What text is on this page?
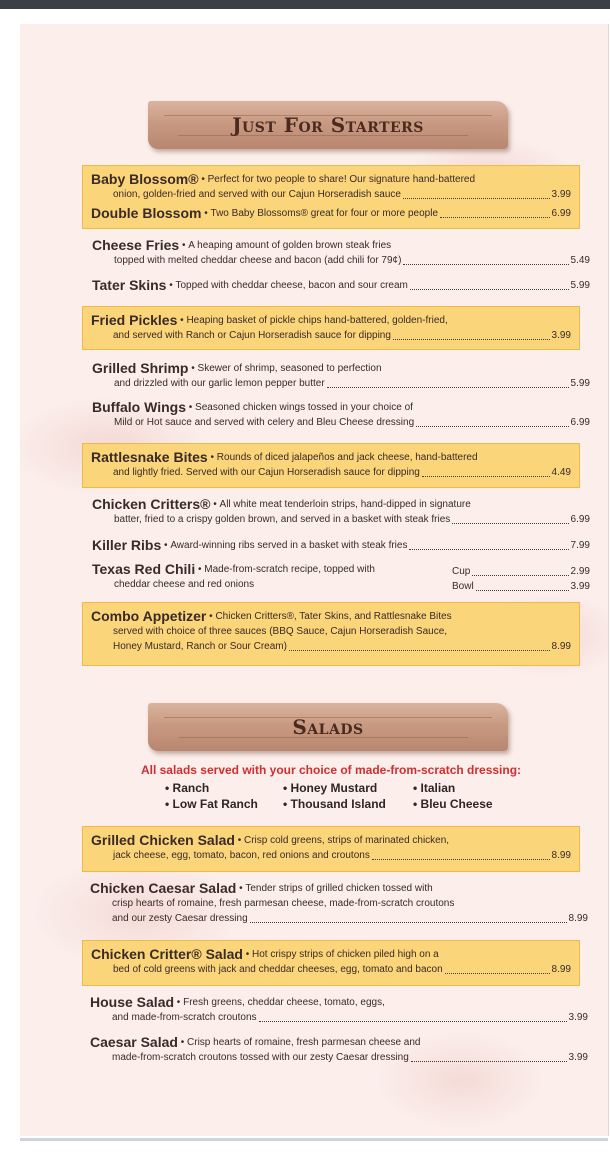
Just For Starters
Baby Blossom® • Perfect for two people to share! Our signature hand-battered
onion, golden-fried and served with our Cajun Horseradish sauce	3.99
Double Blossom • Two Baby Blossoms® great for four or more people	6.99
Cheese Fries • A heaping amount of golden brown steak fries
topped with melted cheddar cheese and bacon (add chili for 79¢)	5.49
Tater Skins • Topped with cheddar cheese, bacon and sour cream	5.99
Fried Pickles • Heaping basket of pickle chips hand-battered, golden-fried,
and served with Ranch or Cajun Horseradish sauce for dipping	3.99
Grilled Shrimp • Skewer of shrimp, seasoned to perfection
and drizzled with our garlic lemon pepper butter	5.99
Buffalo Wings • Seasoned chicken wings tossed in your choice of
Mild or Hot sauce and served with celery and Bleu Cheese dressing	6.99
Rattlesnake Bites • Rounds of diced jalapeños and jack cheese, hand-battered
and lightly fried. Served with our Cajun Horseradish sauce for dipping	4.49
Chicken Critters® • All white meat tenderloin strips, hand-dipped in signature
batter, fried to a crispy golden brown, and served in a basket with steak fries	6.99
Killer Ribs • Award-winning ribs served in a basket with steak fries	7.99
Texas Red Chili • Made-from-scratch recipe, topped with	Cup	2.99
cheddar cheese and red onions	Bowl	3.99
Combo Appetizer • Chicken Critters®, Tater Skins, and Rattlesnake Bites
served with choice of three sauces (BBQ Sauce, Cajun Horseradish Sauce,
Honey Mustard, Ranch or Sour Cream)	8.99
Salads
All salads served with your choice of made-from-scratch dressing:
• Ranch
• Low Fat Ranch
• Honey Mustard
• Thousand Island
• Italian
• Bleu Cheese
Grilled Chicken Salad • Crisp cold greens, strips of marinated chicken,
jack cheese, egg, tomato, bacon, red onions and croutons	8.99
Chicken Caesar Salad • Tender strips of grilled chicken tossed with
crisp hearts of romaine, fresh parmesan cheese, made-from-scratch croutons
and our zesty Caesar dressing	8.99
Chicken Critter® Salad • Hot crispy strips of chicken piled high on a
bed of cold greens with jack and cheddar cheeses, egg, tomato and bacon	8.99
House Salad • Fresh greens, cheddar cheese, tomato, eggs,
and made-from-scratch croutons	3.99
Caesar Salad • Crisp hearts of romaine, fresh parmesan cheese and
made-from-scratch croutons tossed with our zesty Caesar dressing	3.99
